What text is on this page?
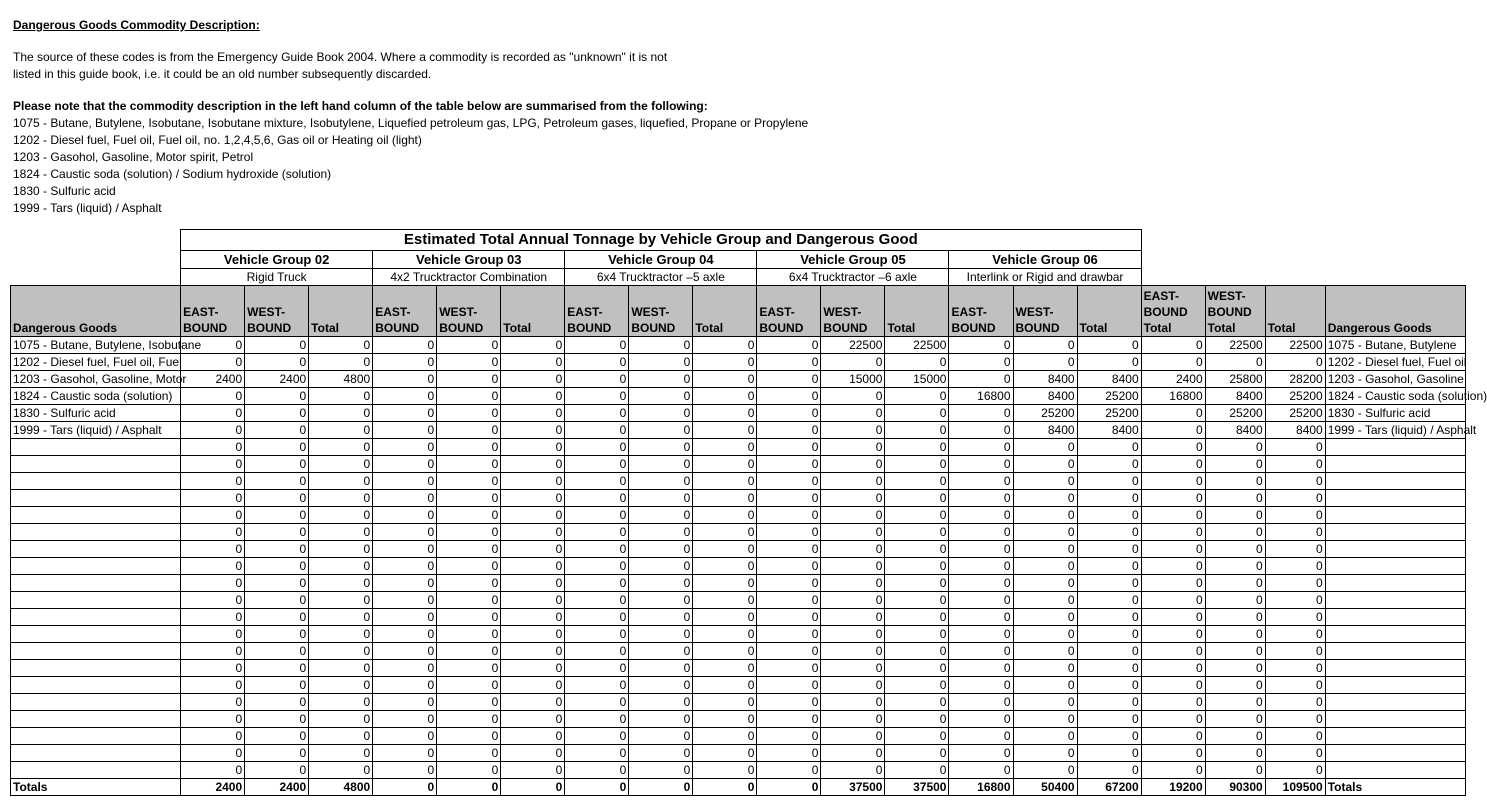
Dangerous Goods Commodity Description:
The source of these codes is from the Emergency Guide Book 2004. Where a commodity is recorded as "unknown" it is not
listed in this guide book, i.e. it could be an old number subsequently discarded.
Please note that the commodity description in the left hand column of the table below are summarised from the following:
1075 - Butane, Butylene, Isobutane, Isobutane mixture, Isobutylene, Liquefied petroleum gas, LPG, Petroleum gases, liquefied, Propane or Propylene
1202 - Diesel fuel, Fuel oil, Fuel oil, no. 1,2,4,5,6, Gas oil or Heating oil (light)
1203 - Gasohol, Gasoline, Motor spirit, Petrol
1824 - Caustic soda (solution) / Sodium hydroxide (solution)
1830 - Sulfuric acid
1999 - Tars (liquid) / Asphalt
	Estimated Total Annual Tonnage by Vehicle Group and Dangerous Good																		
	Vehicle Group 02			Vehicle Group 03			Vehicle Group 04			Vehicle Group 05			Vehicle Group 06						
	Rigid Truck			4x2 Trucktractor Combination			6x4 Trucktractor –5 axle			6x4 Trucktractor –6 axle			Interlink or Rigid and drawbar						
Dangerous Goods	EAST-BOUND	WEST-BOUND	Total	EAST-BOUND	WEST-BOUND	Total	EAST-BOUND	WEST-BOUND	Total	EAST-BOUND	WEST-BOUND	Total	EAST-BOUND	WEST-BOUND	Total	EAST-BOUND Total	WEST-BOUND Total	Total	Dangerous Goods
1075 - Butane, Butylene, Isobutane	0	0	0	0	0	0	0	0	0	0	22500	22500	0	0	0	0	22500	22500	1075 - Butane, Butylene
1202 - Diesel fuel, Fuel oil, Fuel	0	0	0	0	0	0	0	0	0	0	0	0	0	0	0	0	0	0	1202 - Diesel fuel, Fuel oil
1203 - Gasohol, Gasoline, Motor	2400	2400	4800	0	0	0	0	0	0	0	15000	15000	0	8400	8400	2400	25800	28200	1203 - Gasohol, Gasoline
1824 - Caustic soda (solution)	0	0	0	0	0	0	0	0	0	0	0	0	16800	8400	25200	16800	8400	25200	1824 - Caustic soda (solution)
1830 - Sulfuric acid	0	0	0	0	0	0	0	0	0	0	0	0	0	25200	25200	0	25200	25200	1830 - Sulfuric acid
1999 - Tars (liquid) / Asphalt	0	0	0	0	0	0	0	0	0	0	0	0	0	8400	8400	0	8400	8400	1999 - Tars (liquid) / Asphalt
	0	0	0	0	0	0	0	0	0	0	0	0	0	0	0	0	0	0	
	0	0	0	0	0	0	0	0	0	0	0	0	0	0	0	0	0	0	
	0	0	0	0	0	0	0	0	0	0	0	0	0	0	0	0	0	0	
	0	0	0	0	0	0	0	0	0	0	0	0	0	0	0	0	0	0	
	0	0	0	0	0	0	0	0	0	0	0	0	0	0	0	0	0	0	
	0	0	0	0	0	0	0	0	0	0	0	0	0	0	0	0	0	0	
	0	0	0	0	0	0	0	0	0	0	0	0	0	0	0	0	0	0	
	0	0	0	0	0	0	0	0	0	0	0	0	0	0	0	0	0	0	
	0	0	0	0	0	0	0	0	0	0	0	0	0	0	0	0	0	0	
	0	0	0	0	0	0	0	0	0	0	0	0	0	0	0	0	0	0	
	0	0	0	0	0	0	0	0	0	0	0	0	0	0	0	0	0	0	
	0	0	0	0	0	0	0	0	0	0	0	0	0	0	0	0	0	0	
	0	0	0	0	0	0	0	0	0	0	0	0	0	0	0	0	0	0	
	0	0	0	0	0	0	0	0	0	0	0	0	0	0	0	0	0	0	
	0	0	0	0	0	0	0	0	0	0	0	0	0	0	0	0	0	0	
	0	0	0	0	0	0	0	0	0	0	0	0	0	0	0	0	0	0	
	0	0	0	0	0	0	0	0	0	0	0	0	0	0	0	0	0	0	
	0	0	0	0	0	0	0	0	0	0	0	0	0	0	0	0	0	0	
	0	0	0	0	0	0	0	0	0	0	0	0	0	0	0	0	0	0	
	0	0	0	0	0	0	0	0	0	0	0	0	0	0	0	0	0	0	
Totals	2400	2400	4800	0	0	0	0	0	0	0	37500	37500	16800	50400	67200	19200	90300	109500	Totals
